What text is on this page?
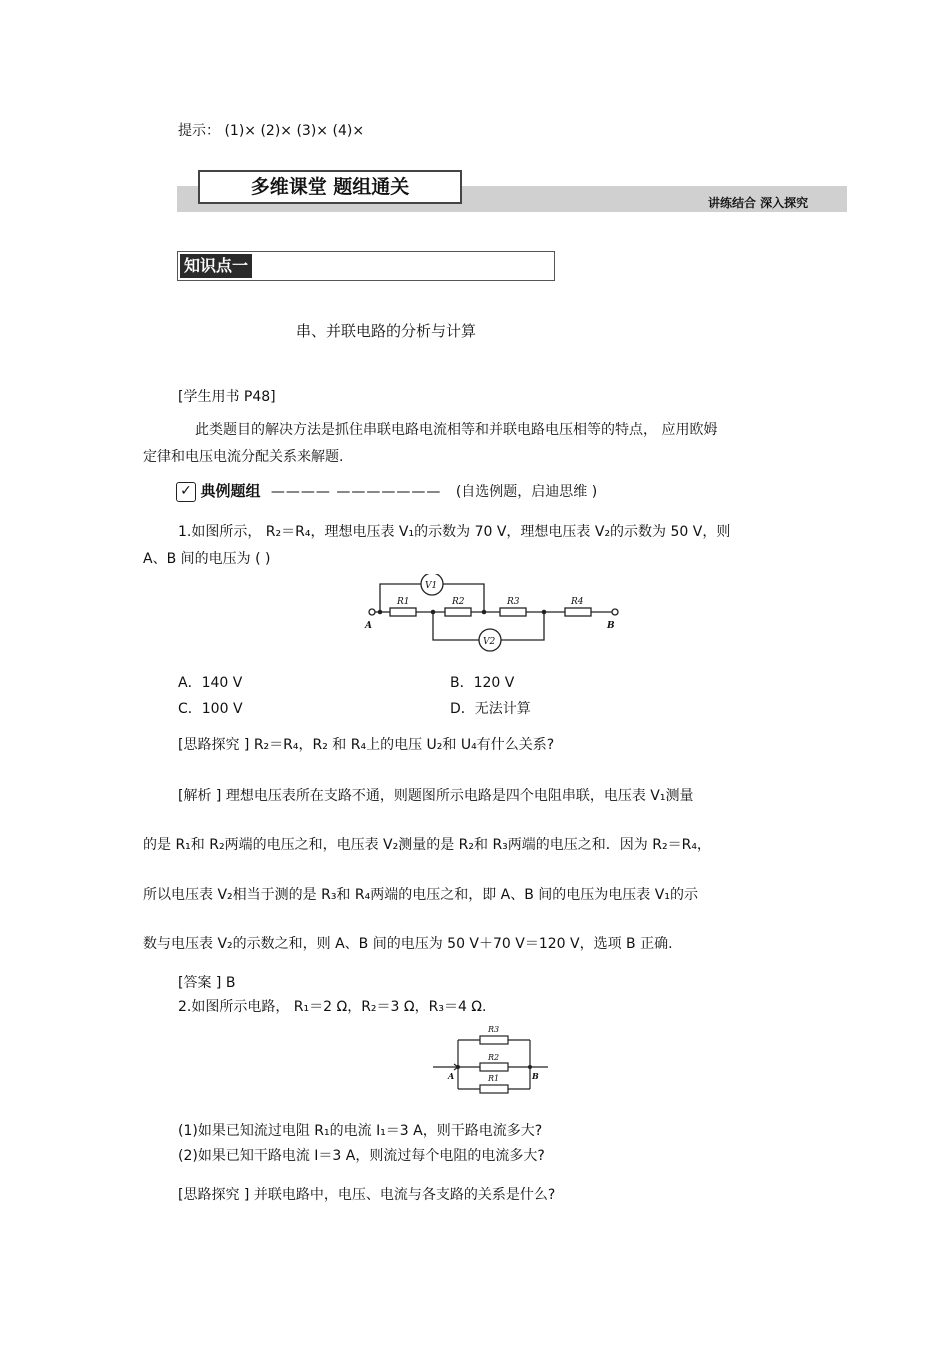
提示： (1)× (2)× (3)× (4)×
多维课堂 题组通关
讲练结合 深入探究
知识点一
串、并联电路的分析与计算
[学生用书 P48]
此类题目的解决方法是抓住串联电路电流相等和并联电路电压相等的特点， 应用欧姆
定律和电压电流分配关系来解题.
✓ 典例题组 ———— ——————— (自选例题，启迪思维 )
1.如图所示， R₂＝R₄，理想电压表 V₁的示数为 70 V，理想电压表 V₂的示数为 50 V，则
A、B 间的电压为 ( )
R1	R2	R3	R4
V1
V2
A	B
A．140 V	B．120 V
C．100 V	D．无法计算
[思路探究 ] R₂＝R₄，R₂ 和 R₄上的电压 U₂和 U₄有什么关系?
[解析 ] 理想电压表所在支路不通，则题图所示电路是四个电阻串联，电压表 V₁测量
的是 R₁和 R₂两端的电压之和，电压表 V₂测量的是 R₂和 R₃两端的电压之和．因为 R₂＝R₄，
所以电压表 V₂相当于测的是 R₃和 R₄两端的电压之和，即 A、B 间的电压为电压表 V₁的示
数与电压表 V₂的示数之和，则 A、B 间的电压为 50 V＋70 V＝120 V，选项 B 正确.
[答案 ] B
2.如图所示电路， R₁＝2 Ω，R₂＝3 Ω，R₃＝4 Ω.
R3
R2
R1
A	B
(1)如果已知流过电阻 R₁的电流 I₁＝3 A，则干路电流多大?
(2)如果已知干路电流 I＝3 A，则流过每个电阻的电流多大?
[思路探究 ] 并联电路中，电压、电流与各支路的关系是什么?
